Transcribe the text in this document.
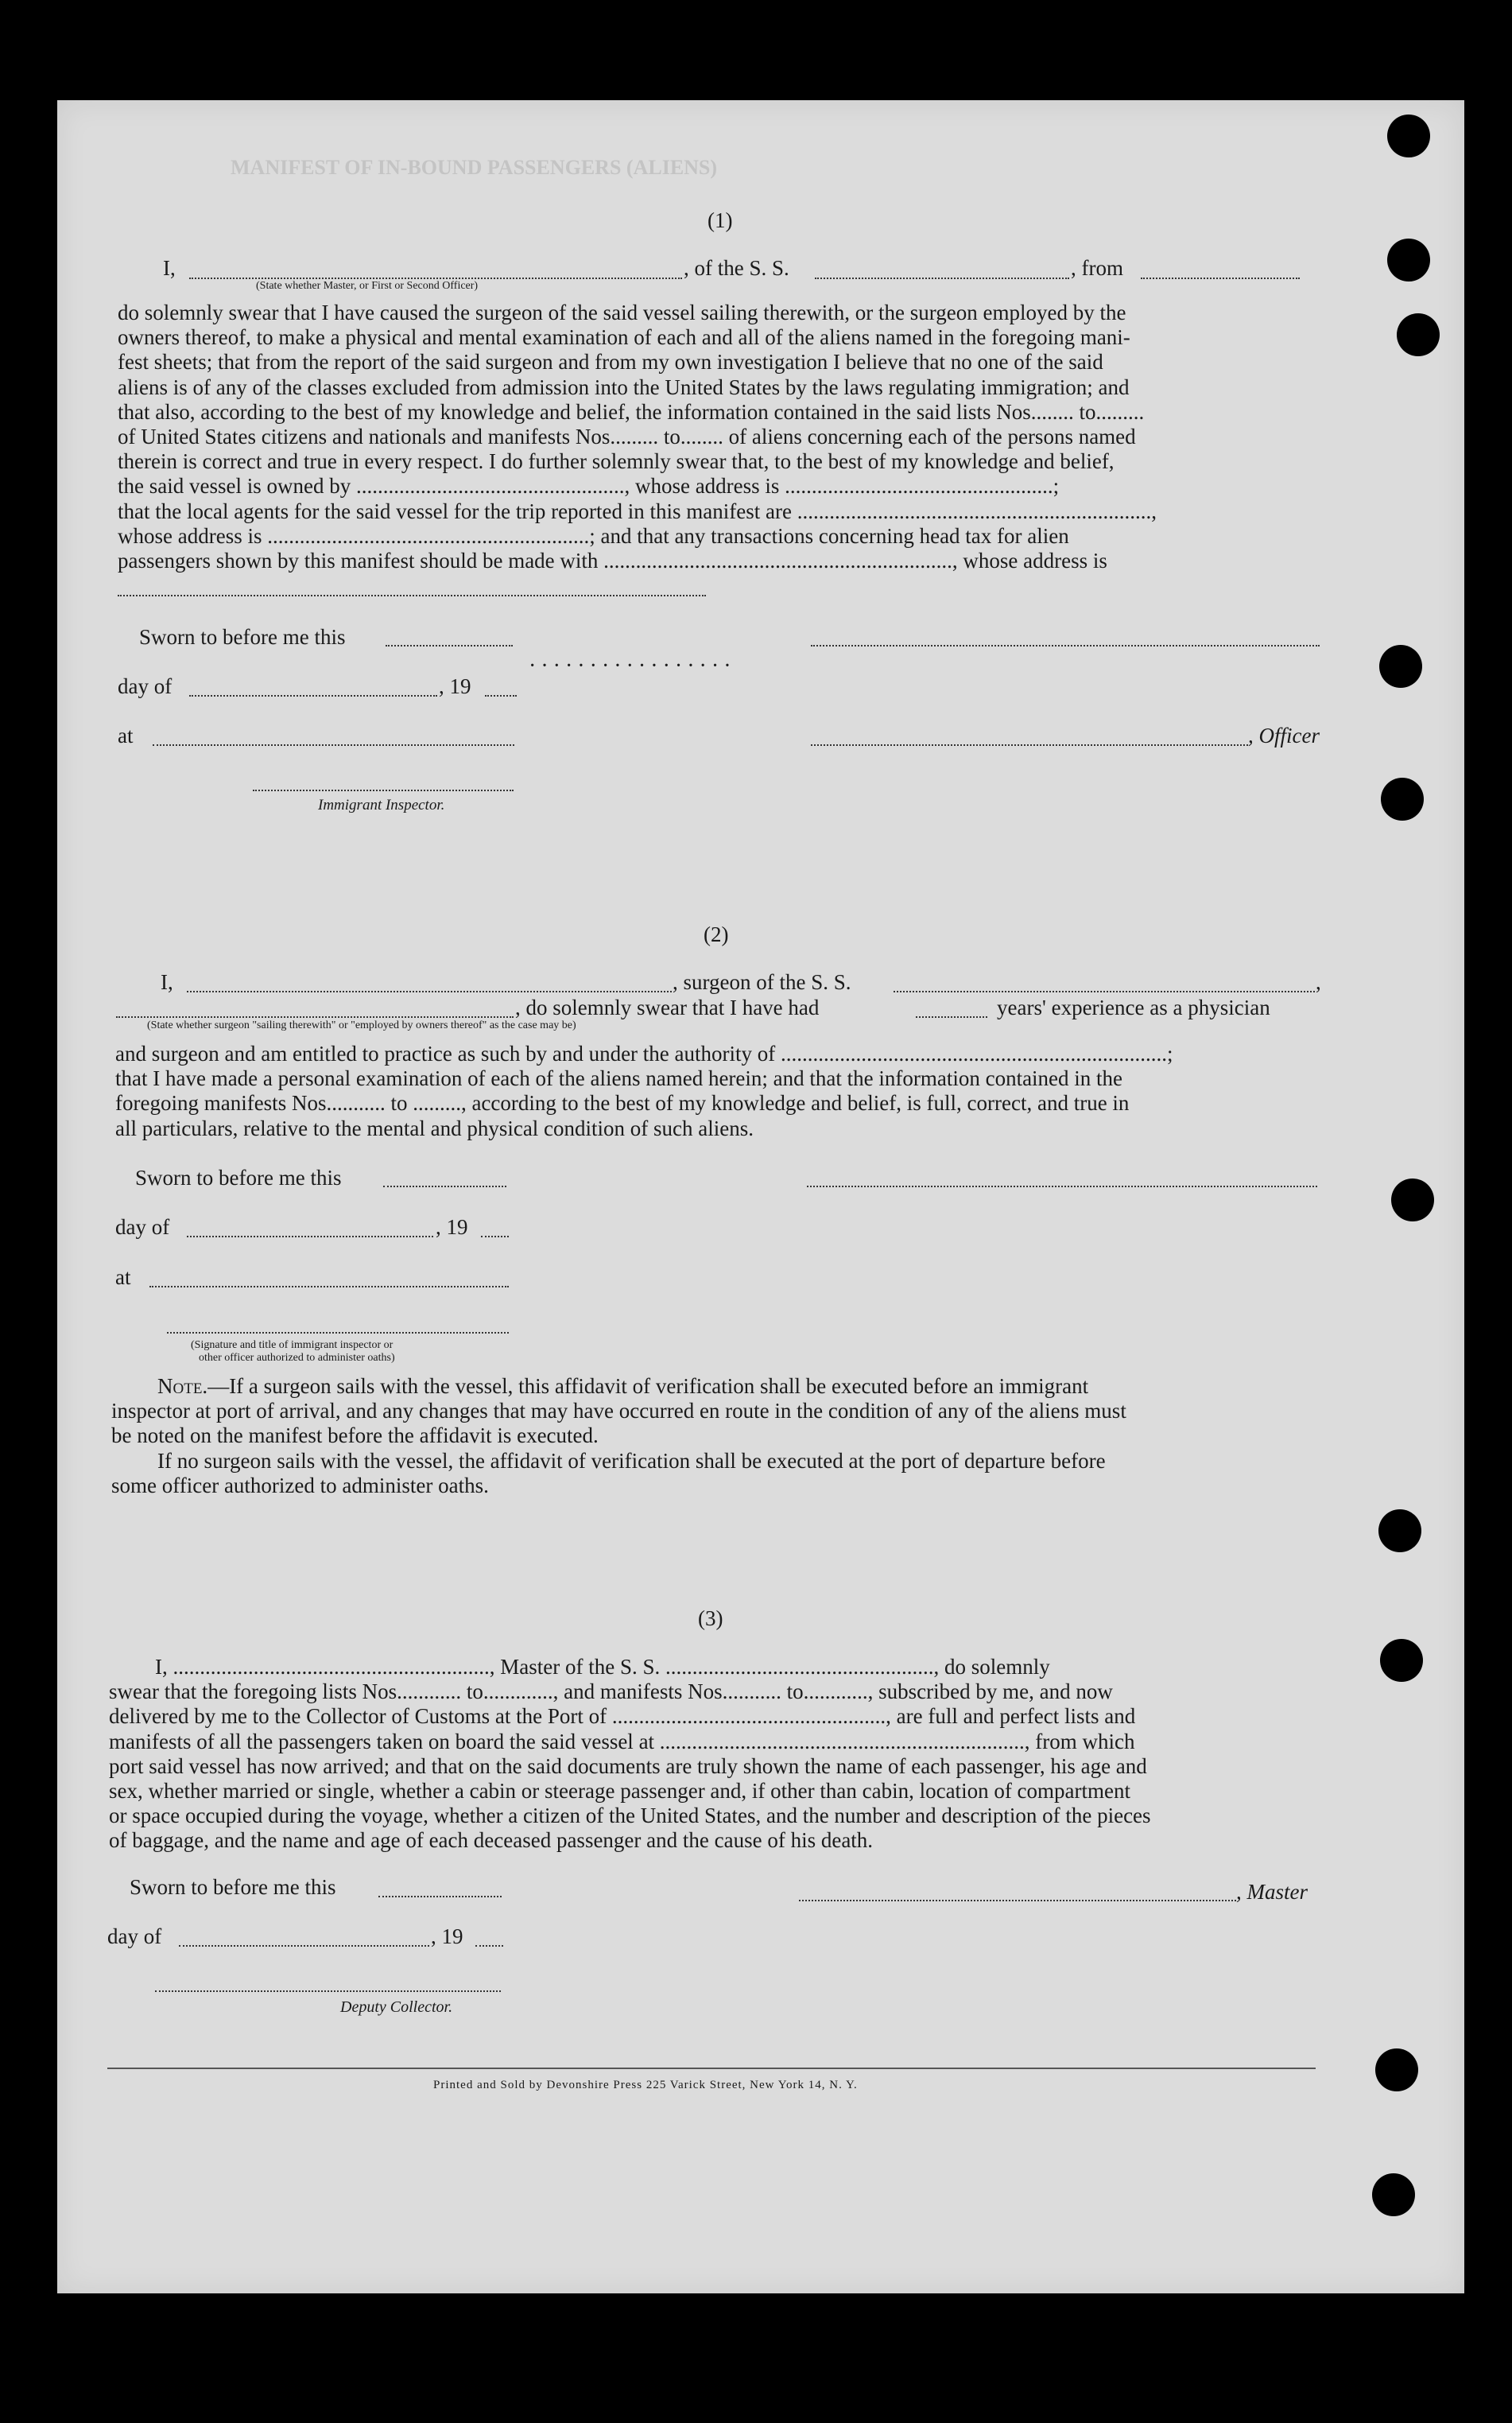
MANIFEST OF IN-BOUND PASSENGERS (ALIENS)
(1)
I,	, of the S. S.	, from
(State whether Master, or First or Second Officer)
do solemnly swear that I have caused the surgeon of the said vessel sailing therewith, or the surgeon employed by the
owners thereof, to make a physical and mental examination of each and all of the aliens named in the foregoing mani-
fest sheets; that from the report of the said surgeon and from my own investigation I believe that no one of the said
aliens is of any of the classes excluded from admission into the United States by the laws regulating immigration; and
that also, according to the best of my knowledge and belief, the information contained in the said lists Nos........ to.........
of United States citizens and nationals and manifests Nos......... to........ of aliens concerning each of the persons named
therein is correct and true in every respect. I do further solemnly swear that, to the best of my knowledge and belief,
the said vessel is owned by .................................................., whose address is ..................................................;
that the local agents for the said vessel for the trip reported in this manifest are ..................................................................,
whose address is ............................................................; and that any transactions concerning head tax for alien
passengers shown by this manifest should be made with ................................................................., whose address is
Sworn to before me this
·················
day of	, 19
at	, Officer
Immigrant Inspector.
(2)
I,	, surgeon of the S. S.	,
, do solemnly swear that I have had	years' experience as a physician
(State whether surgeon "sailing therewith" or "employed by owners thereof" as the case may be)
and surgeon and am entitled to practice as such by and under the authority of ........................................................................;
that I have made a personal examination of each of the aliens named herein; and that the information contained in the
foregoing manifests Nos........... to ........., according to the best of my knowledge and belief, is full, correct, and true in
all particulars, relative to the mental and physical condition of such aliens.
Sworn to before me this
day of	, 19
at
(Signature and title of immigrant inspector or
other officer authorized to administer oaths)
Note.—If a surgeon sails with the vessel, this affidavit of verification shall be executed before an immigrant
inspector at port of arrival, and any changes that may have occurred en route in the condition of any of the aliens must
be noted on the manifest before the affidavit is executed.
If no surgeon sails with the vessel, the affidavit of verification shall be executed at the port of departure before
some officer authorized to administer oaths.
(3)
I, ..........................................................., Master of the S. S. .................................................., do solemnly
swear that the foregoing lists Nos............ to............., and manifests Nos........... to............, subscribed by me, and now
delivered by me to the Collector of Customs at the Port of ..................................................., are full and perfect lists and
manifests of all the passengers taken on board the said vessel at ...................................................................., from which
port said vessel has now arrived; and that on the said documents are truly shown the name of each passenger, his age and
sex, whether married or single, whether a cabin or steerage passenger and, if other than cabin, location of compartment
or space occupied during the voyage, whether a citizen of the United States, and the number and description of the pieces
of baggage, and the name and age of each deceased passenger and the cause of his death.
Sworn to before me this	, Master
day of	, 19
Deputy Collector.
Printed and Sold by Devonshire Press 225 Varick Street, New York 14, N. Y.
